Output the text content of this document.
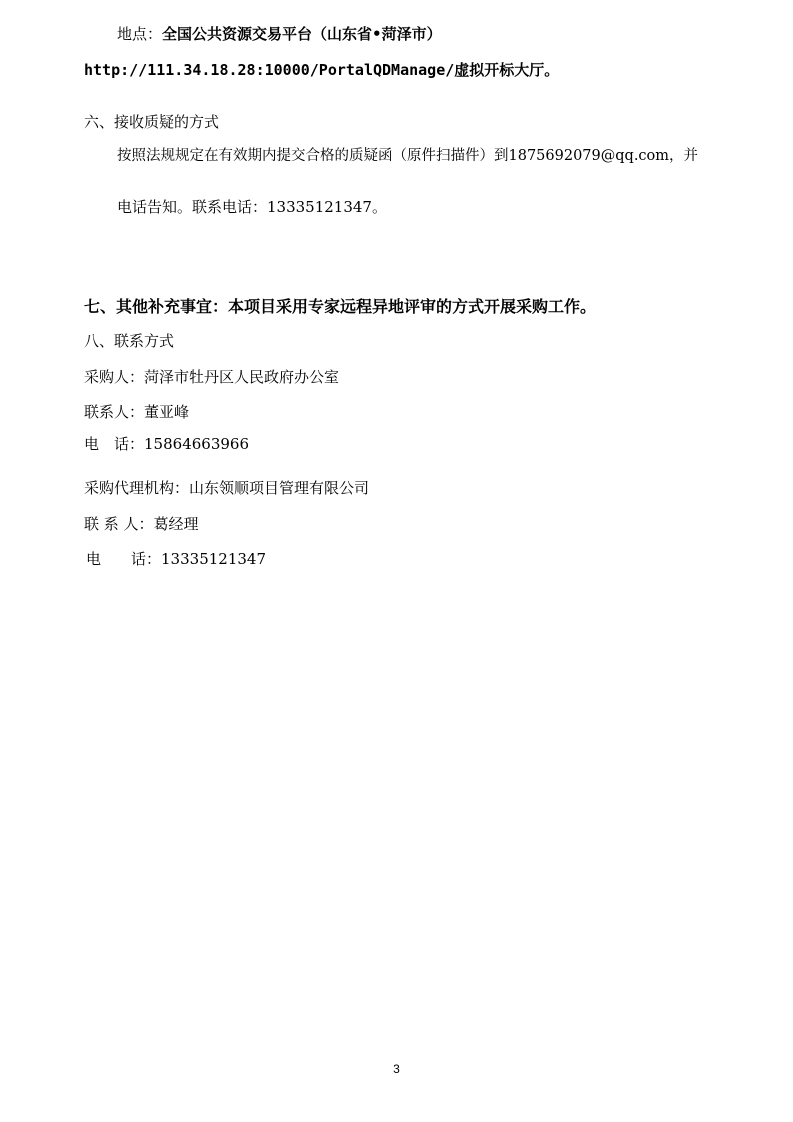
地点：全国公共资源交易平台（山东省•菏泽市）
http://111.34.18.28:10000/PortalQDManage/虚拟开标大厅。
六、接收质疑的方式
按照法规规定在有效期内提交合格的质疑函（原件扫描件）到18756920​79@qq.com，并
电话告知。联系电话：13335121347。
七、其他补充事宜：本项目采用专家远程异地评审的方式开展采购工作。
八、联系方式
采购人：菏泽市牡丹区人民政府办公室
联系人：董亚峰
电　话：15864663966
采购代理机构：山东领顺项目管理有限公司
联 系 人：葛经理
电　　话：13335121347
3
